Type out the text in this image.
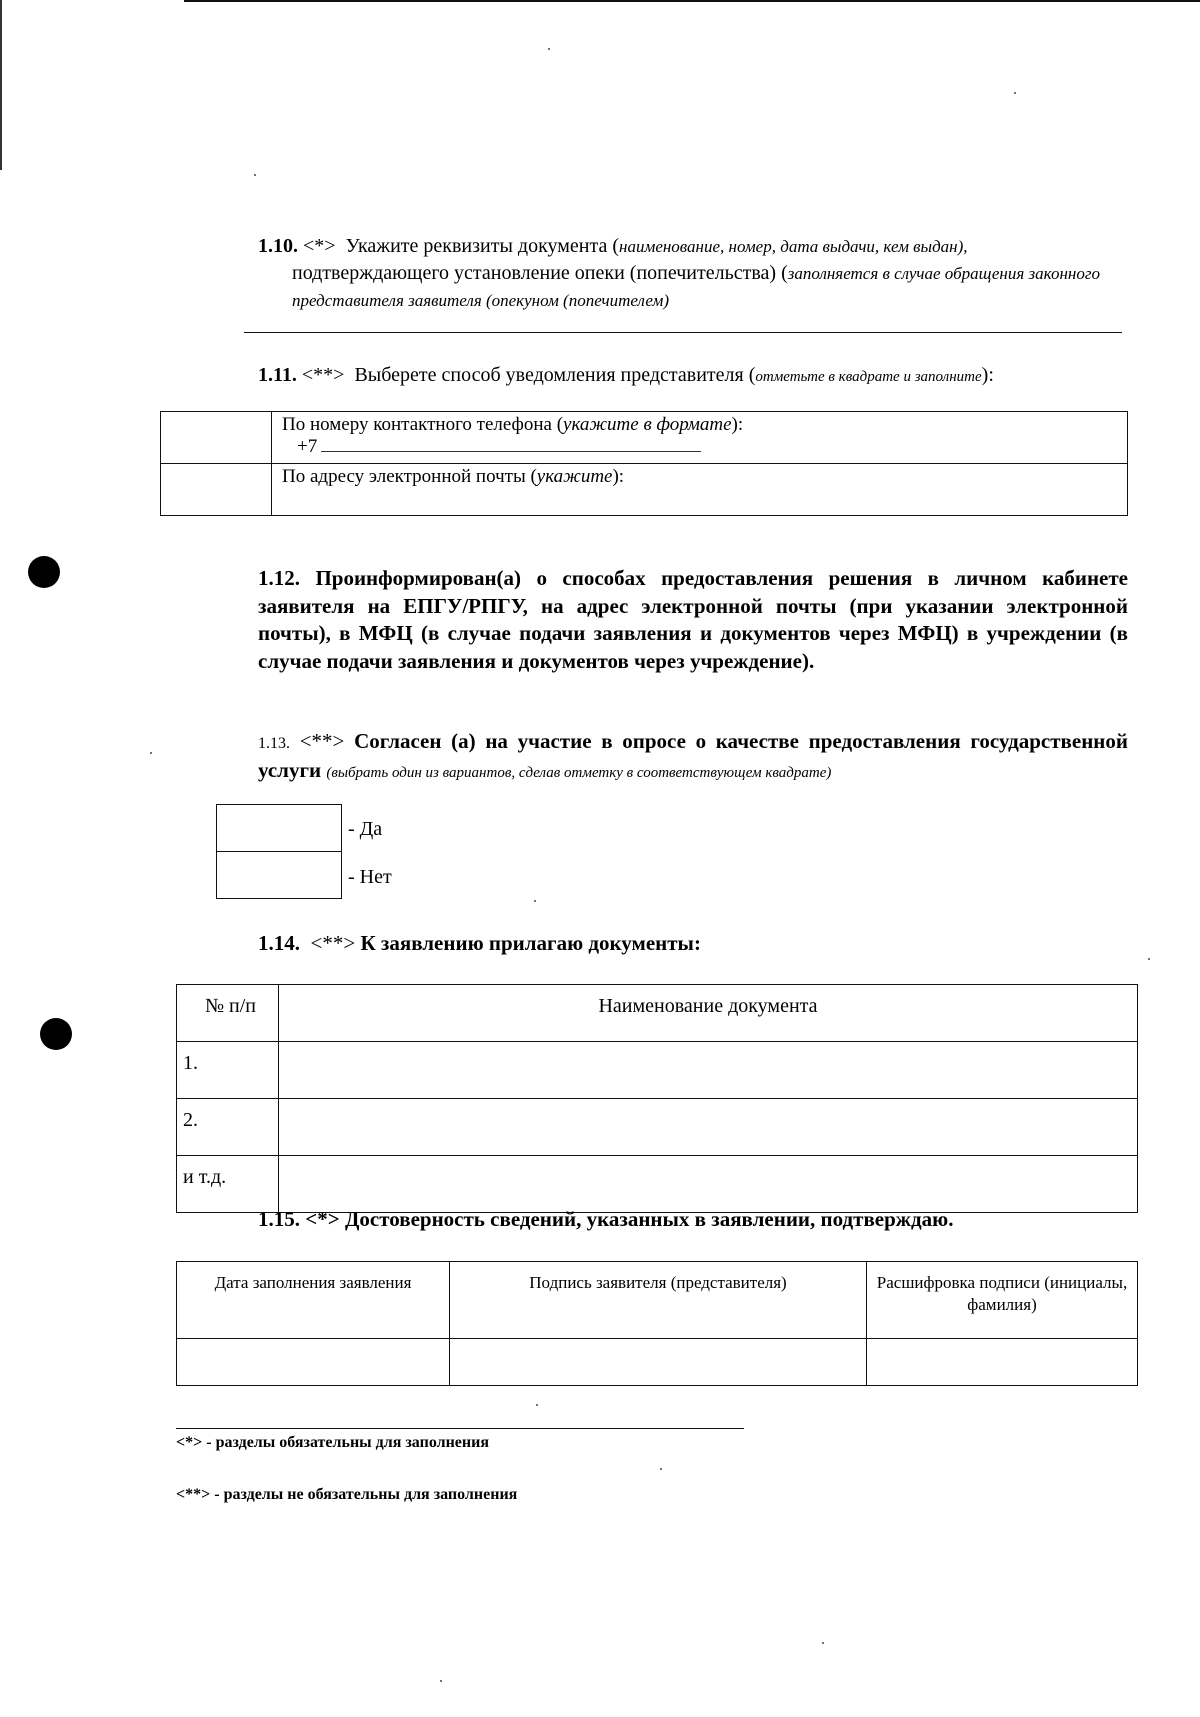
1.10. <*> Укажите реквизиты документа (наименование, номер, дата выдачи, кем выдан),
подтверждающего установление опеки (попечительства) (заполняется в случае обращения законного представителя заявителя (опекуном (попечителем)
1.11. <**> Выберете способ уведомления представителя (отметьте в квадрате и заполните):
	По номеру контактного телефона (укажите в формате):
+7

	По адресу электронной почты (укажите):
1.12. Проинформирован(а) о способах предоставления решения в личном кабинете заявителя на ЕПГУ/РПГУ, на адрес электронной почты (при указании электронной почты), в МФЦ (в случае подачи заявления и документов через МФЦ) в учреждении (в случае подачи заявления и документов через учреждение).
1.13. <**> Согласен (а) на участие в опросе о качестве предоставления государственной услуги (выбрать один из вариантов, сделав отметку в соответствующем квадрате)

- Да
- Нет
1.14. <**> К заявлению прилагаю документы:
№ п/п	Наименование документа
1.	
2.	
и т.д.	
1.15. <*> Достоверность сведений, указанных в заявлении, подтверждаю.
Дата заполнения заявления	Подпись заявителя (представителя)	Расшифровка подписи (инициалы, фамилия)

<*> - разделы обязательны для заполнения
<**> - разделы не обязательны для заполнения
